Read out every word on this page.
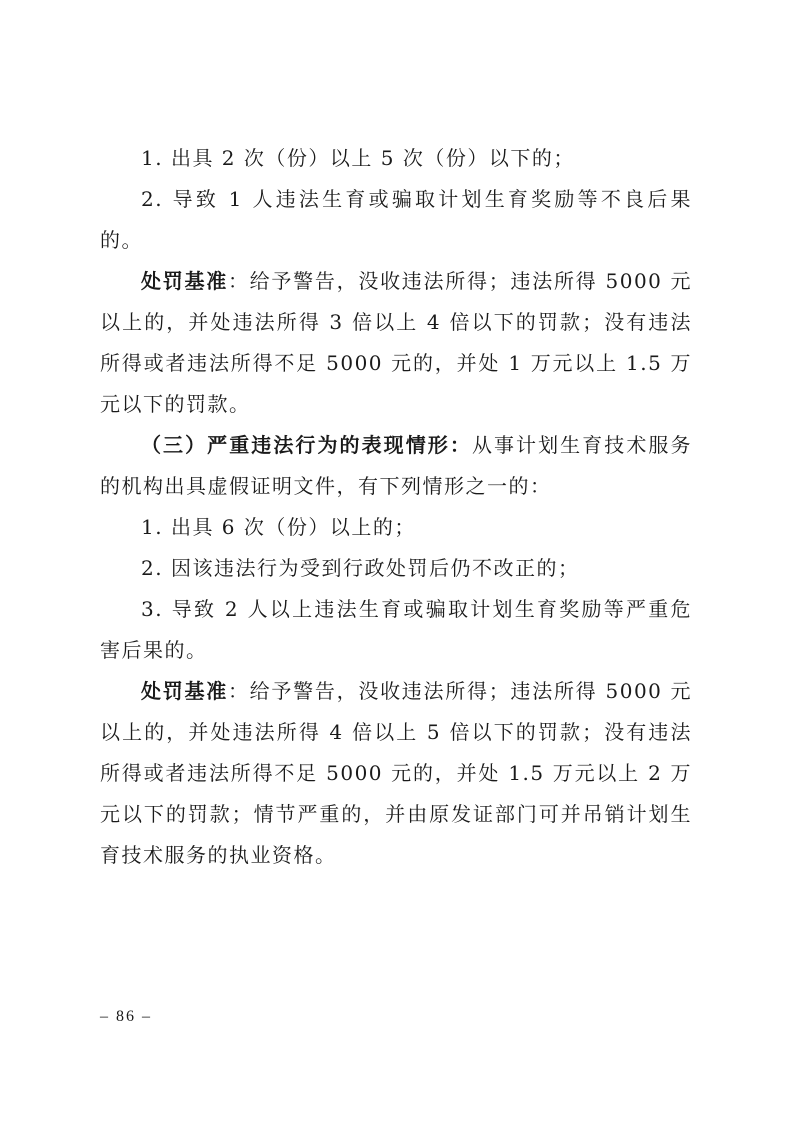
1. 出具 2 次（份）以上 5 次（份）以下的；

2. 导致 1 人违法生育或骗取计划生育奖励等不良后果的。

处罚基准：给予警告，没收违法所得；违法所得 5000 元以上的，并处违法所得 3 倍以上 4 倍以下的罚款；没有违法所得或者违法所得不足 5000 元的，并处 1 万元以上 1.5 万元以下的罚款。

（三）严重违法行为的表现情形：从事计划生育技术服务的机构出具虚假证明文件，有下列情形之一的：

1. 出具 6 次（份）以上的；

2. 因该违法行为受到行政处罚后仍不改正的；

3. 导致 2 人以上违法生育或骗取计划生育奖励等严重危害后果的。

处罚基准：给予警告，没收违法所得；违法所得 5000 元以上的，并处违法所得 4 倍以上 5 倍以下的罚款；没有违法所得或者违法所得不足 5000 元的，并处 1.5 万元以上 2 万元以下的罚款；情节严重的，并由原发证部门可并吊销计划生育技术服务的执业资格。

– 86 –
